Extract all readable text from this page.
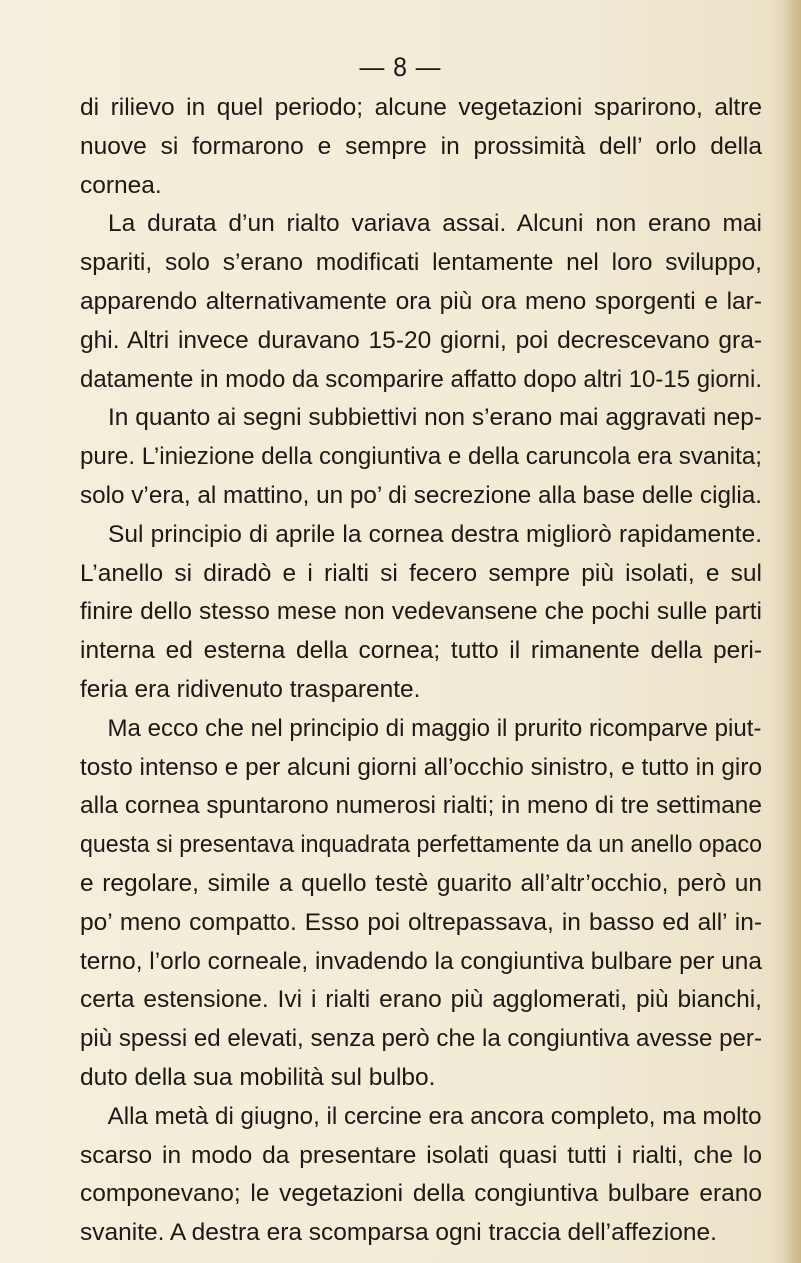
— 8 —
di rilievo in quel periodo; alcune vegetazioni sparirono, altre
nuove si formarono e sempre in prossimità dell’ orlo della
cornea.
La durata d’un rialto variava assai. Alcuni non erano mai
spariti, solo s’erano modificati lentamente nel loro sviluppo,
apparendo alternativamente ora più ora meno sporgenti e lar-
ghi. Altri invece duravano 15-20 giorni, poi decrescevano gra-
datamente in modo da scomparire affatto dopo altri 10-15 giorni.
In quanto ai segni subbiettivi non s’erano mai aggravati nep-
pure. L’iniezione della congiuntiva e della caruncola era svanita;
solo v’era, al mattino, un po’ di secrezione alla base delle ciglia.
Sul principio di aprile la cornea destra migliorò rapidamente.
L’anello si diradò e i rialti si fecero sempre più isolati, e sul
finire dello stesso mese non vedevansene che pochi sulle parti
interna ed esterna della cornea; tutto il rimanente della peri-
feria era ridivenuto trasparente.
Ma ecco che nel principio di maggio il prurito ricomparve piut-
tosto intenso e per alcuni giorni all’occhio sinistro, e tutto in giro
alla cornea spuntarono numerosi rialti; in meno di tre settimane
questa si presentava inquadrata perfettamente da un anello opaco
e regolare, simile a quello testè guarito all’altr’occhio, però un
po’ meno compatto. Esso poi oltrepassava, in basso ed all’ in-
terno, l’orlo corneale, invadendo la congiuntiva bulbare per una
certa estensione. Ivi i rialti erano più agglomerati, più bianchi,
più spessi ed elevati, senza però che la congiuntiva avesse per-
duto della sua mobilità sul bulbo.
Alla metà di giugno, il cercine era ancora completo, ma molto
scarso in modo da presentare isolati quasi tutti i rialti, che lo
componevano; le vegetazioni della congiuntiva bulbare erano
svanite. A destra era scomparsa ogni traccia dell’affezione.
